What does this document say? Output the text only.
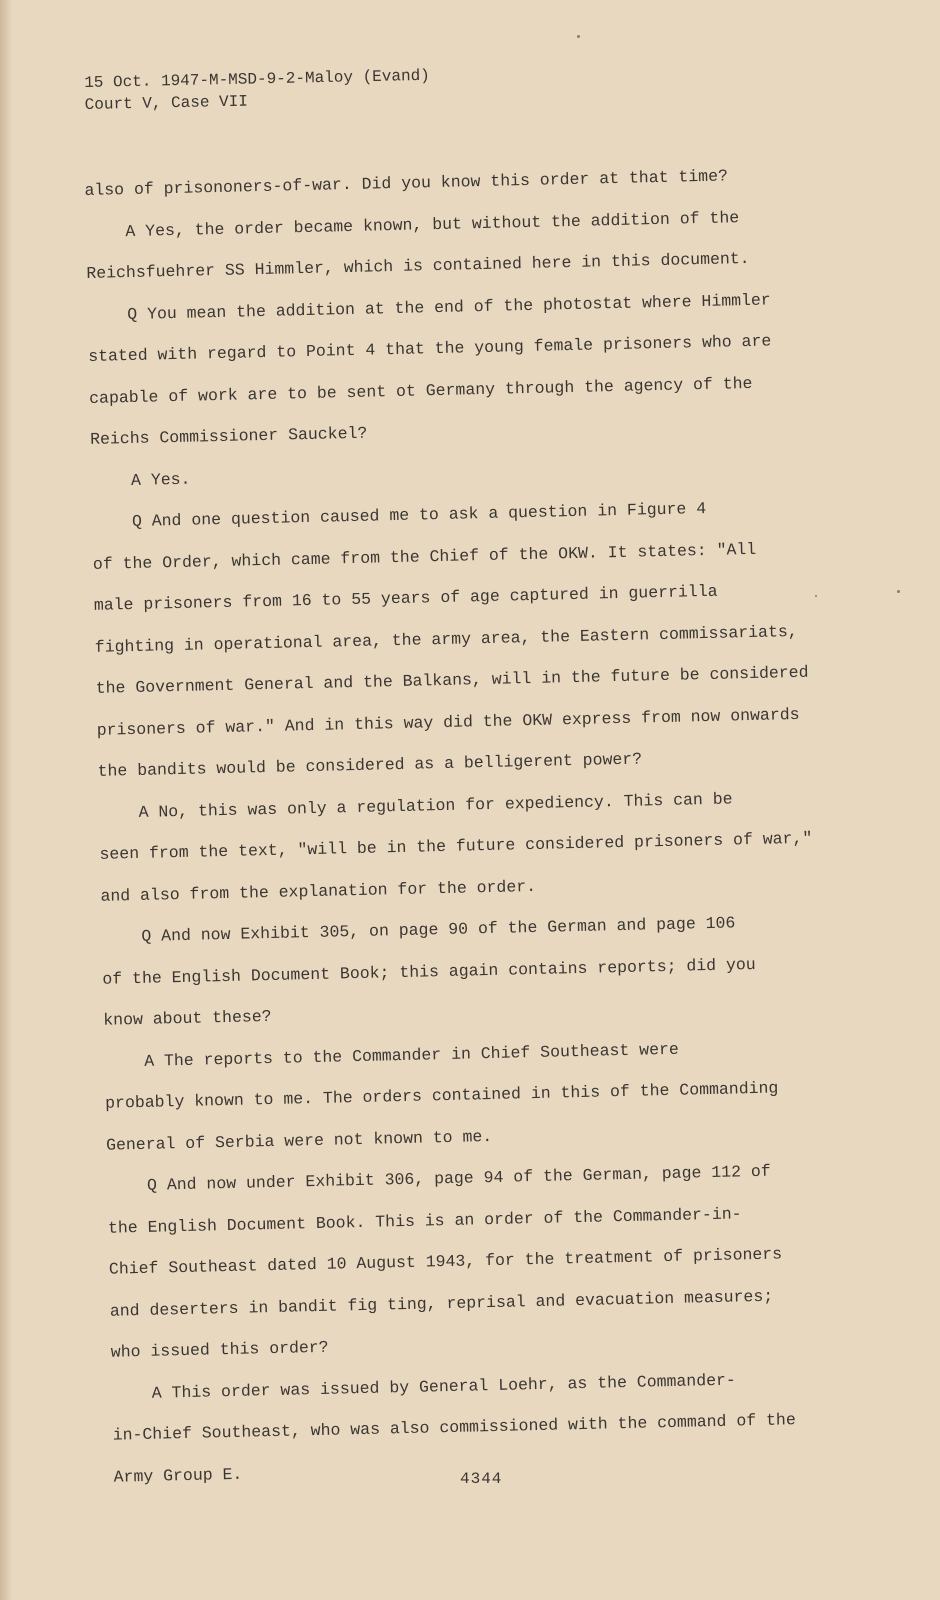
15 Oct. 1947-M-MSD-9-2-Maloy (Evand)
Court V, Case VII
also of prisononers-of-war. Did you know this order at that time?
A Yes, the order became known, but without the addition of the
Reichsfuehrer SS Himmler, which is contained here in this document.
Q You mean the addition at the end of the photostat where Himmler
stated with regard to Point 4 that the young female prisoners who are
capable of work are to be sent ot Germany through the agency of the
Reichs Commissioner Sauckel?
A Yes.
Q And one question caused me to ask a question in Figure 4
of the Order, which came from the Chief of the OKW. It states: "All
male prisoners from 16 to 55 years of age captured in guerrilla
fighting in operational area, the army area, the Eastern commissariats,
the Government General and the Balkans, will in the future be considered
prisoners of war." And in this way did the OKW express from now onwards
the bandits would be considered as a belligerent power?
A No, this was only a regulation for expediency. This can be
seen from the text, "will be in the future considered prisoners of war,"
and also from the explanation for the order.
Q And now Exhibit 305, on page 90 of the German and page 106
of the English Document Book; this again contains reports; did you
know about these?
A The reports to the Commander in Chief Southeast were
probably known to me. The orders contained in this of the Commanding
General of Serbia were not known to me.
Q And now under Exhibit 306, page 94 of the German, page 112 of
the English Document Book. This is an order of the Commander-in-
Chief Southeast dated 10 August 1943, for the treatment of prisoners
and deserters in bandit fig ting, reprisal and evacuation measures;
who issued this order?
A This order was issued by General Loehr, as the Commander-
in-Chief Southeast, who was also commissioned with the command of the
Army Group E.	4344
